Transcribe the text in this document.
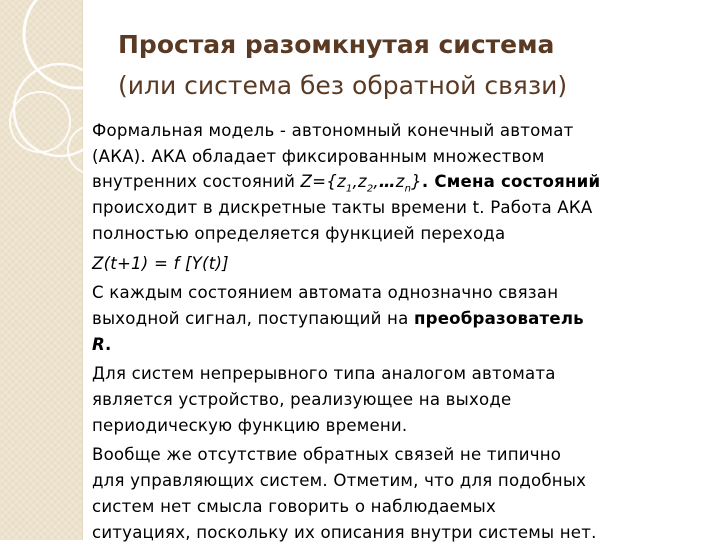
Простая разомкнутая система
(или система без обратной связи)
Формальная модель - автономный конечный автомат
(АКА). АКА обладает фиксированным множеством
внутренних состояний $Z=\{z_1,z_2,\dots z_n\}$. Смена состояний
происходит в дискретные такты времени t. Работа АКА
полностью определяется функцией перехода
Z(t+1) = f [Y(t)]
С каждым состоянием автомата однозначно связан
выходной сигнал, поступающий на преобразователь
R.
Для систем непрерывного типа аналогом автомата
является устройство, реализующее на выходе
периодическую функцию времени.
Вообще же отсутствие обратных связей не типично
для управляющих систем. Отметим, что для подобных
систем нет смысла говорить о наблюдаемых
ситуациях, поскольку их описания внутри системы нет.
